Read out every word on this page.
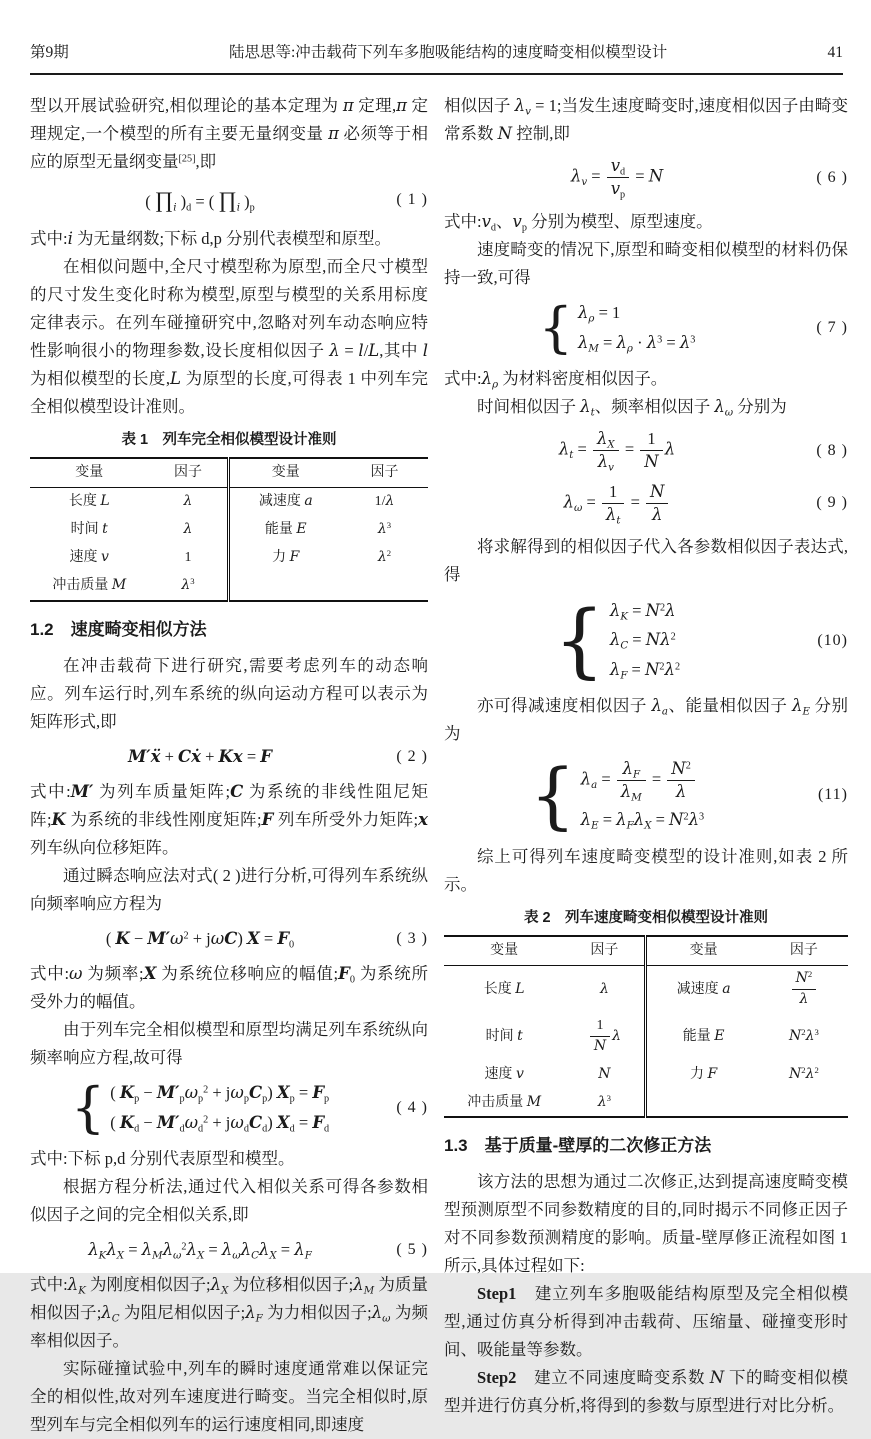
第9期	陆思思等:冲击载荷下列车多胞吸能结构的速度畸变相似模型设计	41

型以开展试验研究,相似理论的基本定理为 π 定理,π 定理规定,一个模型的所有主要无量纲变量 π 必须等于相应的原型无量纲变量[25],即

( $\prod_i$ )$_d$ = ( $\prod_i$ )$_p$	( 1 )

式中:i 为无量纲数;下标 d,p 分别代表模型和原型。

在相似问题中,全尺寸模型称为原型,而全尺寸模型的尺寸发生变化时称为模型,原型与模型的关系用标度定律表示。在列车碰撞研究中,忽略对列车动态响应特性影响很小的物理参数,设长度相似因子 λ = l/L,其中 l 为相似模型的长度,L 为原型的长度,可得表 1 中列车完全相似模型设计准则。

表 1　列车完全相似模型设计准则
变量	因子	变量	因子
长度 L	λ	减速度 a	1/λ
时间 t	λ	能量 E	$\lambda^3$
速度 v	1	力 F	$\lambda^2$
冲击质量 M	$\lambda^3$		
1.2　速度畸变相似方法

在冲击载荷下进行研究,需要考虑列车的动态响应。列车运行时,列车系统的纵向运动方程可以表示为矩阵形式,即

M′ẍ + Cẋ + Kx = F	( 2 )

式中:M′ 为列车质量矩阵;C 为系统的非线性阻尼矩阵;K 为系统的非线性刚度矩阵;F 列车所受外力矩阵;x 列车纵向位移矩阵。

通过瞬态响应法对式( 2 )进行分析,可得列车系统纵向频率响应方程为

( $K - M'\omega^2 + j\omega C$) $X = F_0$	( 3 )

式中:ω 为频率;X 为系统位移响应的幅值$;F_0$ 为系统所受外力的幅值。

由于列车完全相似模型和原型均满足列车系统纵向频率响应方程,故可得

{ ( $K_p - M'_p\omega_p^2 + j\omega_pC_p$) $X_p = F_p$
( $K_d - M'_d\omega_d^2 + j\omega_dC_d$) $X_d = F_d$
( 4 )

式中:下标 p,d 分别代表原型和模型。

根据方程分析法,通过代入相似关系可得各参数相似因子之间的完全相似关系,即

$\lambda_K\lambda_X = \lambda_M\lambda_\omega^2\lambda_X = \lambda_\omega\lambda_C\lambda_X = \lambda_F$	( 5 )

式中$:\lambda_K$ 为刚度相似因子$;\lambda_X$ 为位移相似因子$;\lambda_M$ 为质量相似因子$;\lambda_C$ 为阻尼相似因子$;\lambda_F$ 为力相似因子$;\lambda_\omega$ 为频率相似因子。

实际碰撞试验中,列车的瞬时速度通常难以保证完全的相似性,故对列车速度进行畸变。当完全相似时,原型列车与完全相似列车的运行速度相同,即速度

相似因子 $\lambda_v = 1$;当发生速度畸变时,速度相似因子由畸变常系数 N 控制,即

$\lambda_v = \frac{v_d}{v_p} = N$	( 6 )

式中$:v_d$、$v_p$ 分别为模型、原型速度。

速度畸变的情况下,原型和畸变相似模型的材料仍保持一致,可得

{ $\lambda_\rho = 1$
$\lambda_M = \lambda_\rho \cdot \lambda^3 = \lambda^3$
( 7 )

式中$:\lambda_\rho$ 为材料密度相似因子。

时间相似因子 $\lambda_t$、频率相似因子 $\lambda_\omega$ 分别为

$\lambda_t = \frac{\lambda_X}{\lambda_v} = \frac{1}{N}$ λ	( 8 )
$\lambda_\omega = \frac{1}{\lambda_t} = \frac{N}{\lambda}$	( 9 )

将求解得到的相似因子代入各参数相似因子表达式,得

{ $\lambda_K = N^2\lambda$
$\lambda_C = N\lambda^2$
$\lambda_F = N^2\lambda^2$
(10)

亦可得减速度相似因子 $\lambda_a$、能量相似因子 $\lambda_E$ 分别为

{ $\lambda_a = \frac{\lambda_F}{\lambda_M} = \frac{N^2}{\lambda}$
$\lambda_E = \lambda_F\lambda_X = N^2\lambda^3$
(11)

综上可得列车速度畸变模型的设计准则,如表 2 所示。

表 2　列车速度畸变相似模型设计准则
变量	因子	变量	因子
长度 L	λ	减速度 a	$\frac{N^2}{\lambda}$

时间 t	$\frac{1}{N}$ λ	能量 E	$N^2\lambda^3$
速度 v	N	力 F	$N^2\lambda^2$
冲击质量 M	$\lambda^3$		
1.3　基于质量-壁厚的二次修正方法

该方法的思想为通过二次修正,达到提高速度畸变模型预测原型不同参数精度的目的,同时揭示不同修正因子对不同参数预测精度的影响。质量-壁厚修正流程如图 1 所示,具体过程如下:

Step1　建立列车多胞吸能结构原型及完全相似模型,通过仿真分析得到冲击载荷、压缩量、碰撞变形时间、吸能量等参数。

Step2　建立不同速度畸变系数 N 下的畸变相似模型并进行仿真分析,将得到的参数与原型进行对比分析。
